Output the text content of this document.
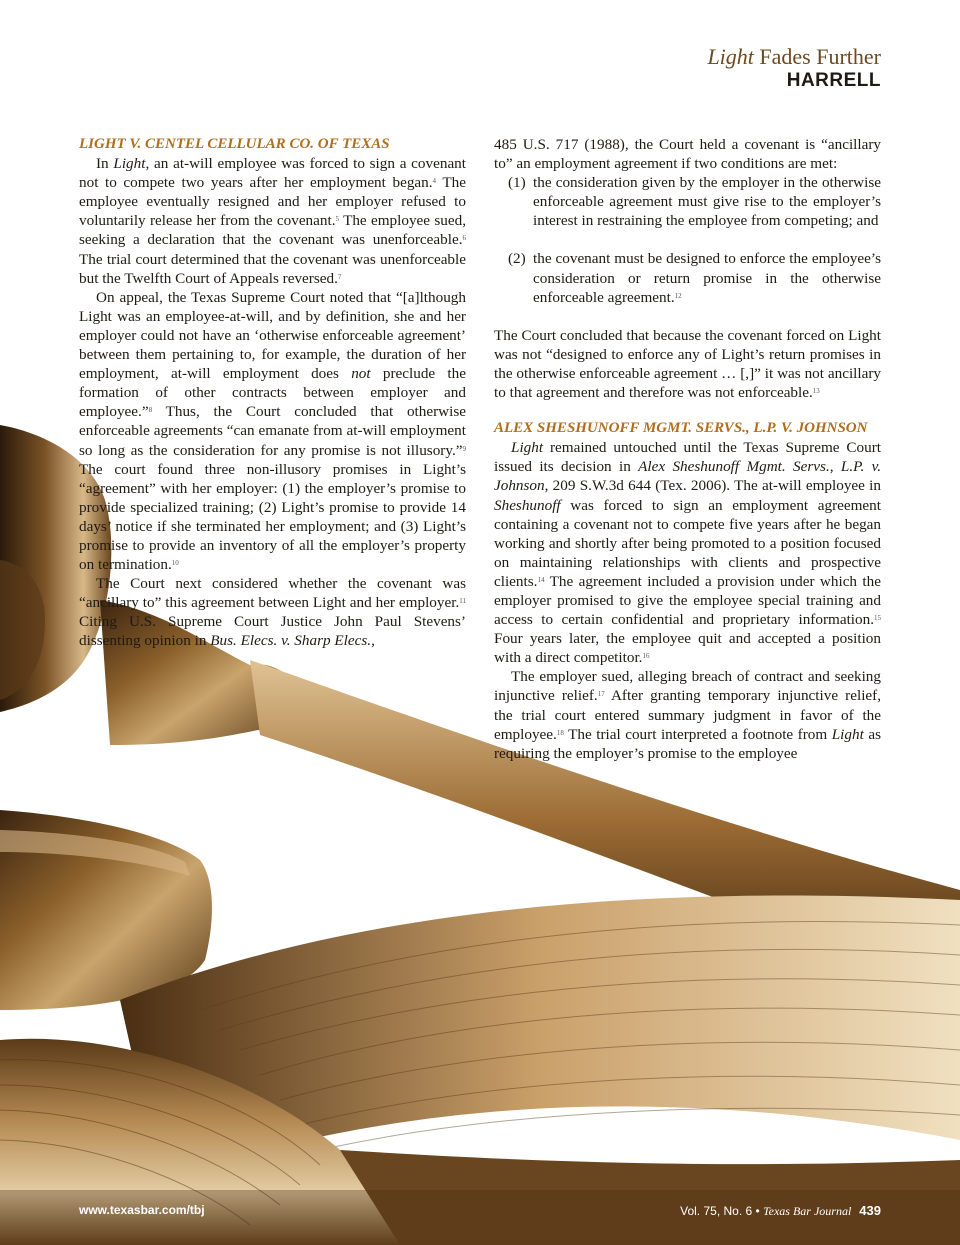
Light Fades Further
HARRELL

LIGHT V. CENTEL CELLULAR CO. OF TEXAS

In Light, an at-will employee was forced to sign a covenant not to compete two years after her employment began.$^4$ The employee eventually resigned and her employer refused to voluntarily release her from the covenant.$^5$ The employee sued, seeking a declaration that the covenant was unenforceable.$^6$ The trial court determined that the covenant was unenforceable but the Twelfth Court of Appeals reversed.$^7$

On appeal, the Texas Supreme Court noted that “[a]lthough Light was an employee-at-will, and by definition, she and her employer could not have an ‘otherwise enforceable agreement’ between them pertaining to, for example, the duration of her employment, at-will employment does not preclude the formation of other contracts between employer and employee.”$^8$ Thus, the Court concluded that otherwise enforceable agreements “can emanate from at-will employment so long as the consideration for any promise is not illusory.”$^9$ The court found three non-illusory promises in Light’s “agreement” with her employer: (1) the employer’s promise to provide specialized training; (2) Light’s promise to provide 14 days’ notice if she terminated her employment; and (3) Light’s promise to provide an inventory of all the employer’s property on termination.$^{10}$

The Court next considered whether the covenant was “ancillary to” this agreement between Light and her employer.$^{11}$ Citing U.S. Supreme Court Justice John Paul Stevens’ dissenting opinion in Bus. Elecs. v. Sharp Elecs.,

485 U.S. 717 (1988), the Court held a covenant is “ancillary to” an employment agreement if two conditions are met:

(1) the consideration given by the employer in the otherwise enforceable agreement must give rise to the employer’s interest in restraining the employee from competing; and
(2) the covenant must be designed to enforce the employee’s consideration or return promise in the otherwise enforceable agreement.$^{12}$

The Court concluded that because the covenant forced on Light was not “designed to enforce any of Light’s return promises in the otherwise enforceable agreement … [,]” it was not ancillary to that agreement and therefore was not enforceable.$^{13}$

ALEX SHESHUNOFF MGMT. SERVS., L.P. V. JOHNSON

Light remained untouched until the Texas Supreme Court issued its decision in Alex Sheshunoff Mgmt. Servs., L.P. v. Johnson, 209 S.W.3d 644 (Tex. 2006). The at-will employee in Sheshunoff was forced to sign an employment agreement containing a covenant not to compete five years after he began working and shortly after being promoted to a position focused on maintaining relationships with clients and prospective clients.$^{14}$ The agreement included a provision under which the employer promised to give the employee special training and access to certain confidential and proprietary information.$^{15}$ Four years later, the employee quit and accepted a position with a direct competitor.$^{16}$

The employer sued, alleging breach of contract and seeking injunctive relief.$^{17}$ After granting temporary injunctive relief, the trial court entered summary judgment in favor of the employee.$^{18}$ The trial court interpreted a footnote from Light as requiring the employer’s promise to the employee

www.texasbar.com/tbj	Vol. 75, No. 6 • Texas Bar Journal 439
